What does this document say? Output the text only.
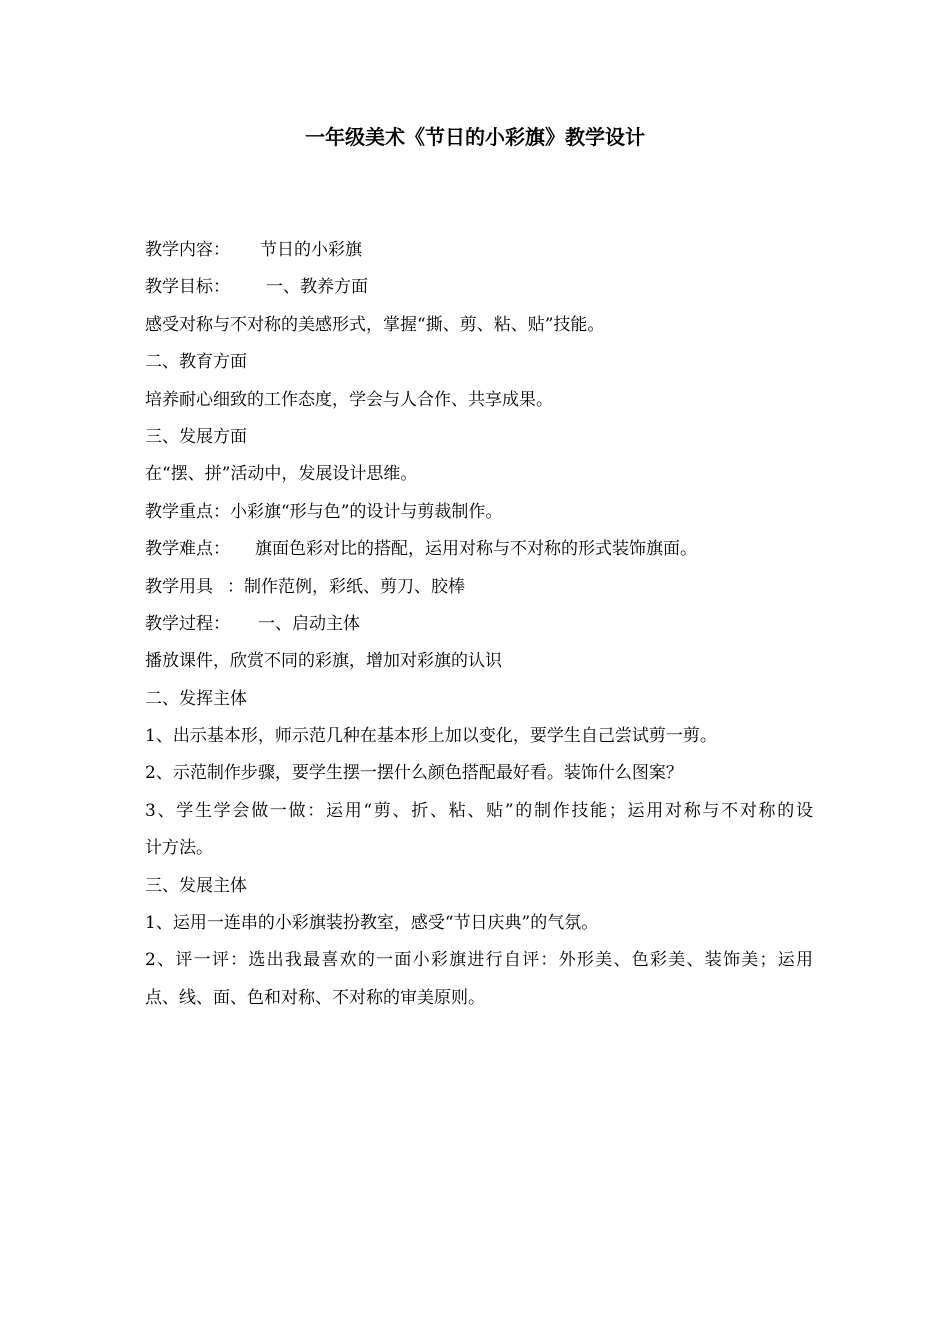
一年级美术《节日的小彩旗》教学设计
教学内容： 节日的小彩旗
教学目标： 一、教养方面
感受对称与不对称的美感形式，掌握“撕、剪、粘、贴”技能。
二、教育方面
培养耐心细致的工作态度，学会与人合作、共享成果。
三、发展方面
在“摆、拼”活动中，发展设计思维。
教学重点：小彩旗“形与色”的设计与剪裁制作。
教学难点： 旗面色彩对比的搭配，运用对称与不对称的形式装饰旗面。
教学用具 ：制作范例，彩纸、剪刀、胶棒
教学过程： 一、启动主体
播放课件，欣赏不同的彩旗，增加对彩旗的认识
二、发挥主体
1、出示基本形，师示范几种在基本形上加以变化，要学生自己尝试剪一剪。
2、示范制作步骤，要学生摆一摆什么颜色搭配最好看。装饰什么图案？
3、学生学会做一做：运用“剪、折、粘、贴”的制作技能；运用对称与不对称的设
计方法。
三、发展主体
1、运用一连串的小彩旗装扮教室，感受“节日庆典”的气氛。
2、评一评：选出我最喜欢的一面小彩旗进行自评：外形美、色彩美、装饰美；运用
点、线、面、色和对称、不对称的审美原则。
